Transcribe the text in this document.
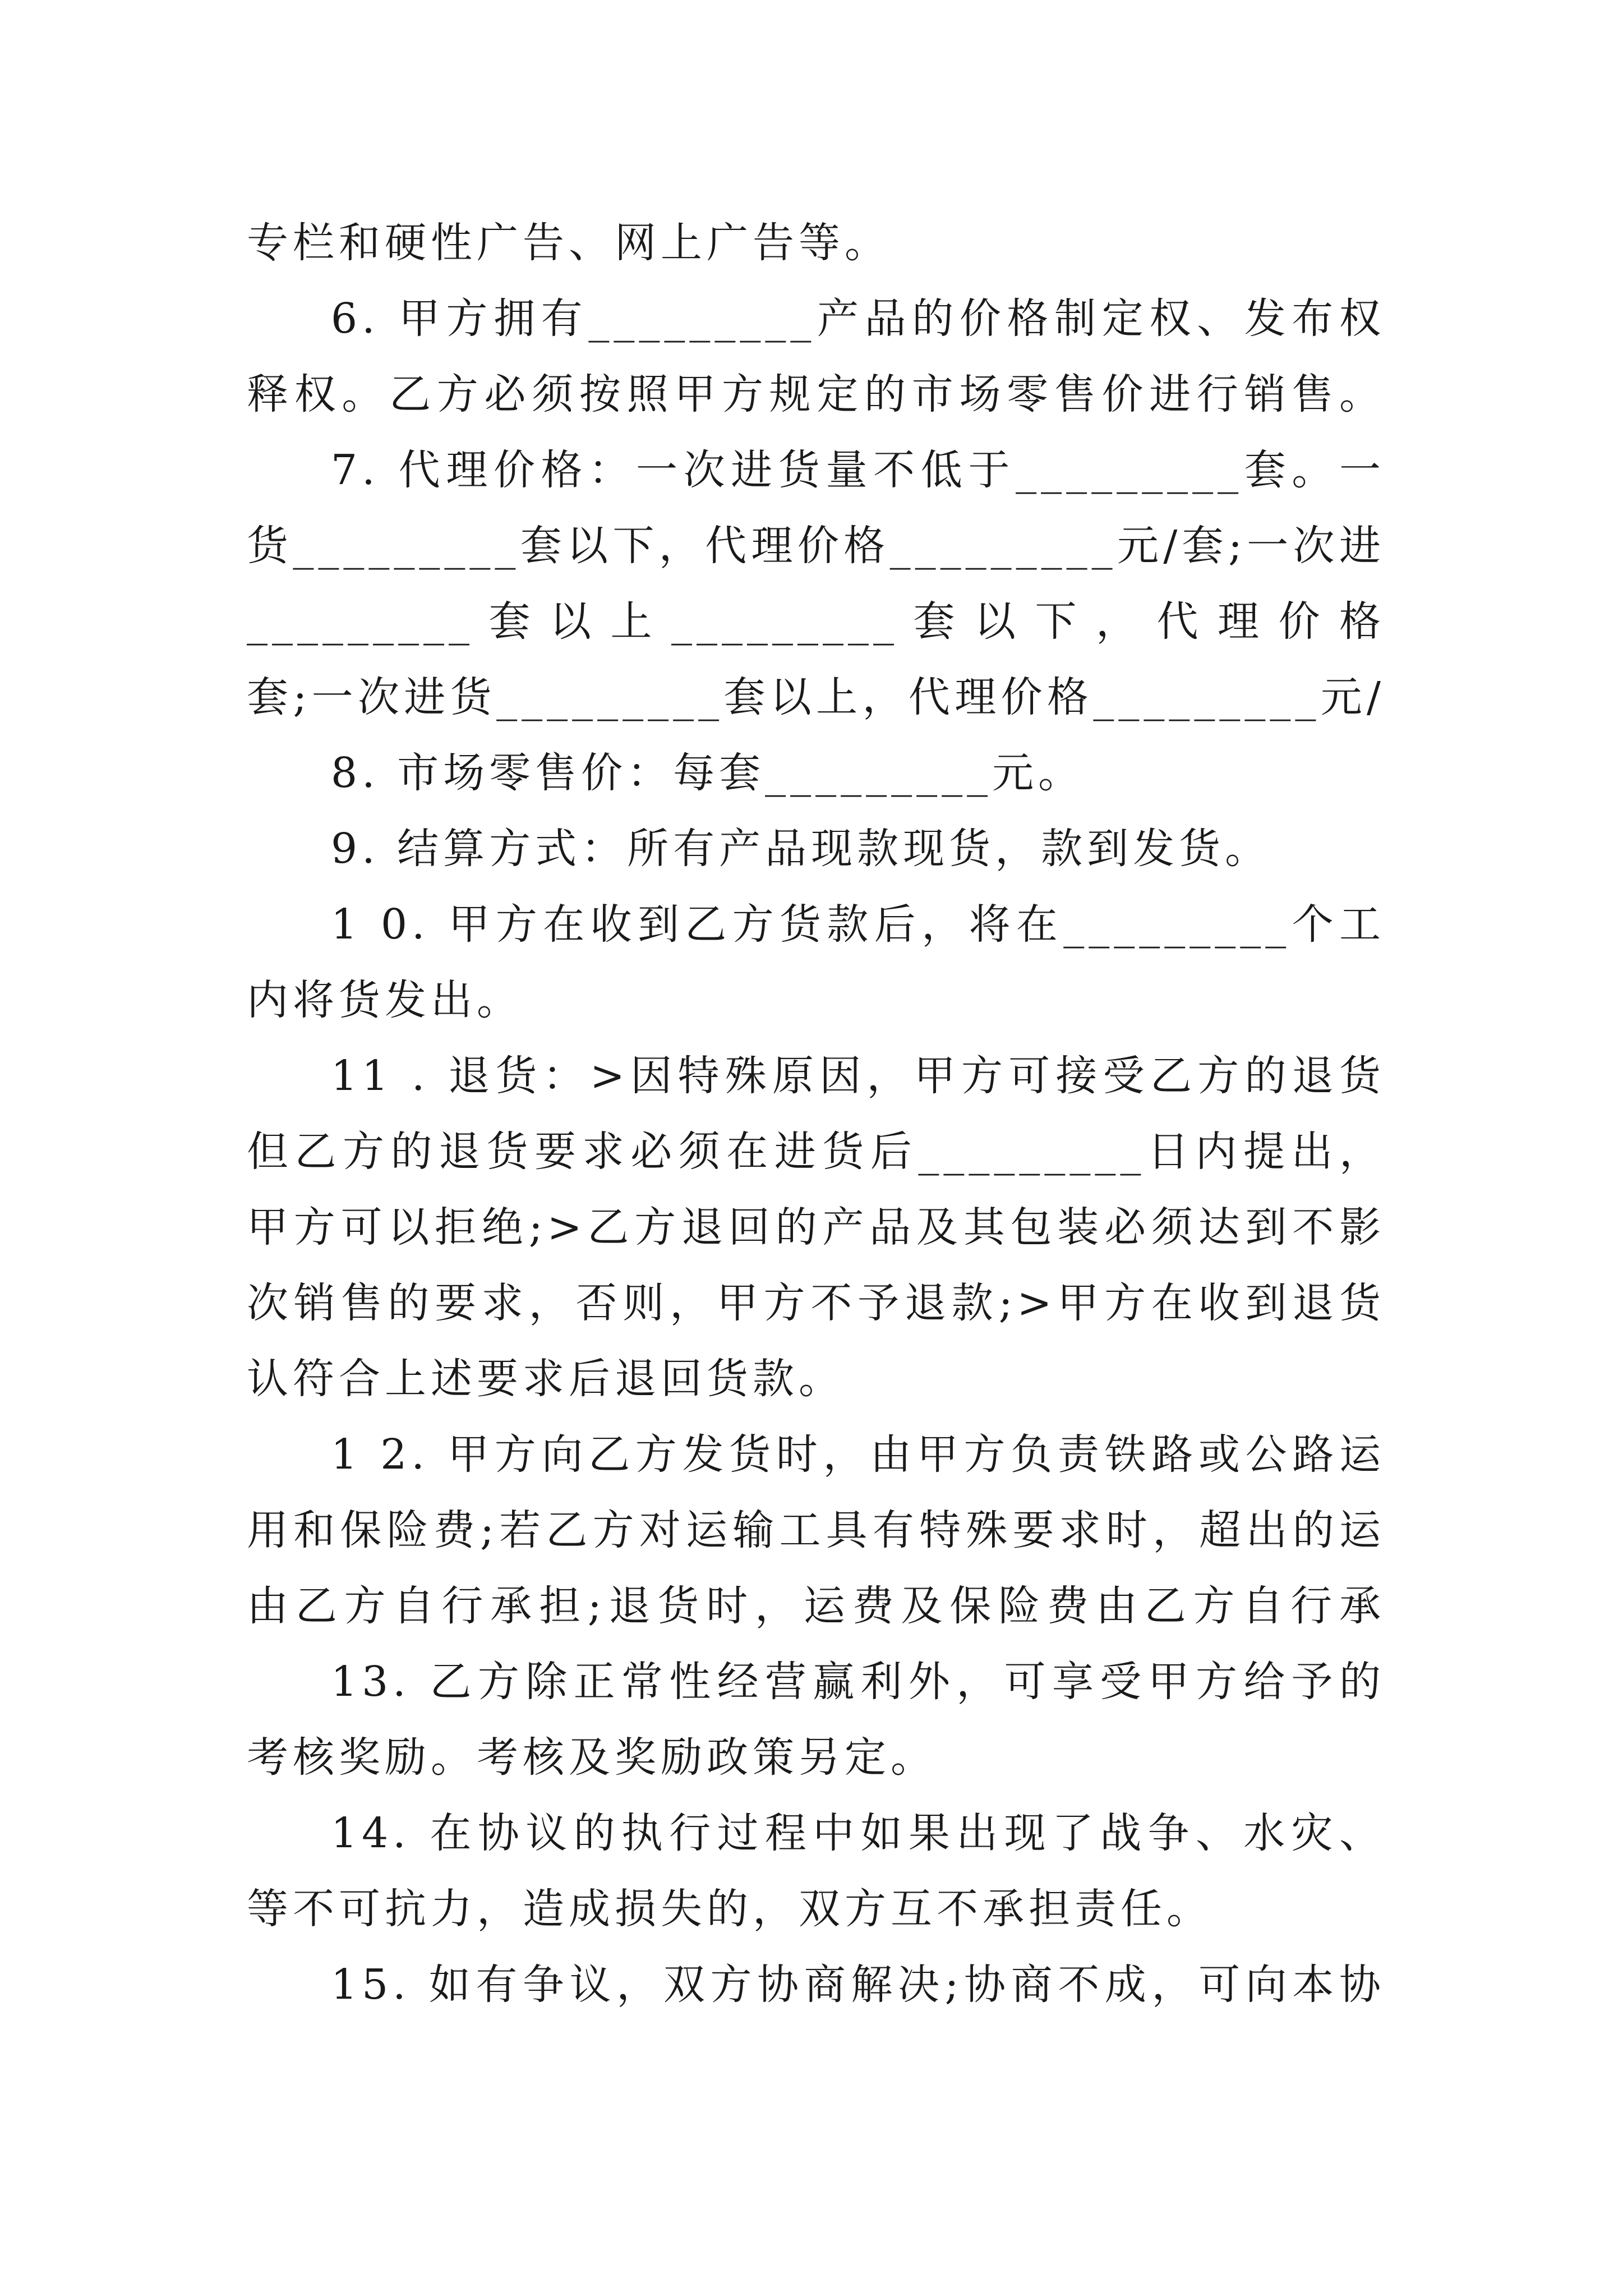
专栏和硬性广告、网上广告等。
6. 甲方拥有_________产品的价格制定权、发布权
释权。乙方必须按照甲方规定的市场零售价进行销售。
7. 代理价格：一次进货量不低于_________套。一
货_________套以下，代理价格_________元/套;一次进
_________套以上_________套以下，代理价格
套;一次进货_________套以上，代理价格_________元/
8. 市场零售价：每套_________元。
9. 结算方式：所有产品现款现货，款到发货。
1 0. 甲方在收到乙方货款后，将在_________个工
内将货发出。
11 . 退货：>因特殊原因，甲方可接受乙方的退货
但乙方的退货要求必须在进货后_________日内提出，
甲方可以拒绝;>乙方退回的产品及其包装必须达到不影
次销售的要求，否则，甲方不予退款;>甲方在收到退货
认符合上述要求后退回货款。
1 2. 甲方向乙方发货时，由甲方负责铁路或公路运
用和保险费;若乙方对运输工具有特殊要求时，超出的运
由乙方自行承担;退货时，运费及保险费由乙方自行承
13. 乙方除正常性经营赢利外，可享受甲方给予的
考核奖励。考核及奖励政策另定。
14. 在协议的执行过程中如果出现了战争、水灾、
等不可抗力，造成损失的，双方互不承担责任。
15. 如有争议，双方协商解决;协商不成，可向本协
